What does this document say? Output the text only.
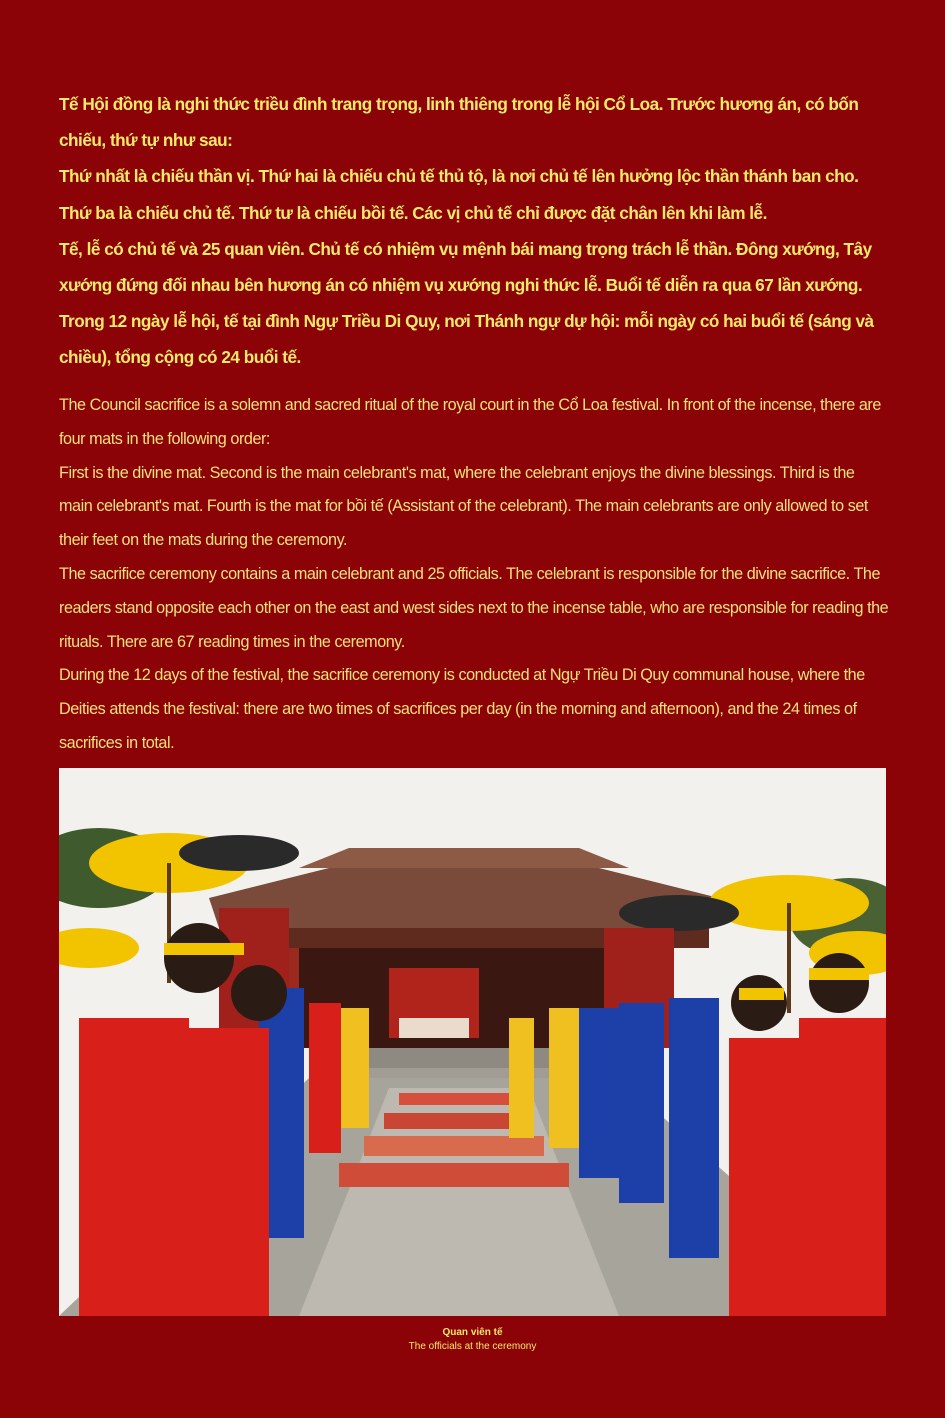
Tế Hội đồng là nghi thức triều đình trang trọng, linh thiêng trong lễ hội Cổ Loa. Trước hương án, có bốn chiếu, thứ tự như sau:

Thứ nhất là chiếu thần vị. Thứ hai là chiếu chủ tế thủ tộ, là nơi chủ tế lên hưởng lộc thần thánh ban cho. Thứ ba là chiếu chủ tế. Thứ tư là chiếu bồi tế. Các vị chủ tế chỉ được đặt chân lên khi làm lễ.

Tế, lễ có chủ tế và 25 quan viên. Chủ tế có nhiệm vụ mệnh bái mang trọng trách lễ thần. Đông xướng, Tây xướng đứng đối nhau bên hương án có nhiệm vụ xướng nghi thức lễ. Buổi tế diễn ra qua 67 lần xướng.

Trong 12 ngày lễ hội, tế tại đình Ngự Triều Di Quy, nơi Thánh ngự dự hội: mỗi ngày có hai buổi tế (sáng và chiều), tổng cộng có 24 buổi tế.

The Council sacrifice is a solemn and sacred ritual of the royal court in the Cổ Loa festival. In front of the incense, there are four mats in the following order:

First is the divine mat. Second is the main celebrant's mat, where the celebrant enjoys the divine blessings. Third is the main celebrant's mat. Fourth is the mat for bồi tế (Assistant of the celebrant). The main celebrants are only allowed to set their feet on the mats during the ceremony.

The sacrifice ceremony contains a main celebrant and 25 officials. The celebrant is responsible for the divine sacrifice. The readers stand opposite each other on the east and west sides next to the incense table, who are responsible for reading the rituals. There are 67 reading times in the ceremony.

During the 12 days of the festival, the sacrifice ceremony is conducted at Ngự Triều Di Quy communal house, where the Deities attends the festival: there are two times of sacrifices per day (in the morning and afternoon), and the 24 times of sacrifices in total.

Quan viên tế
The officials at the ceremony
